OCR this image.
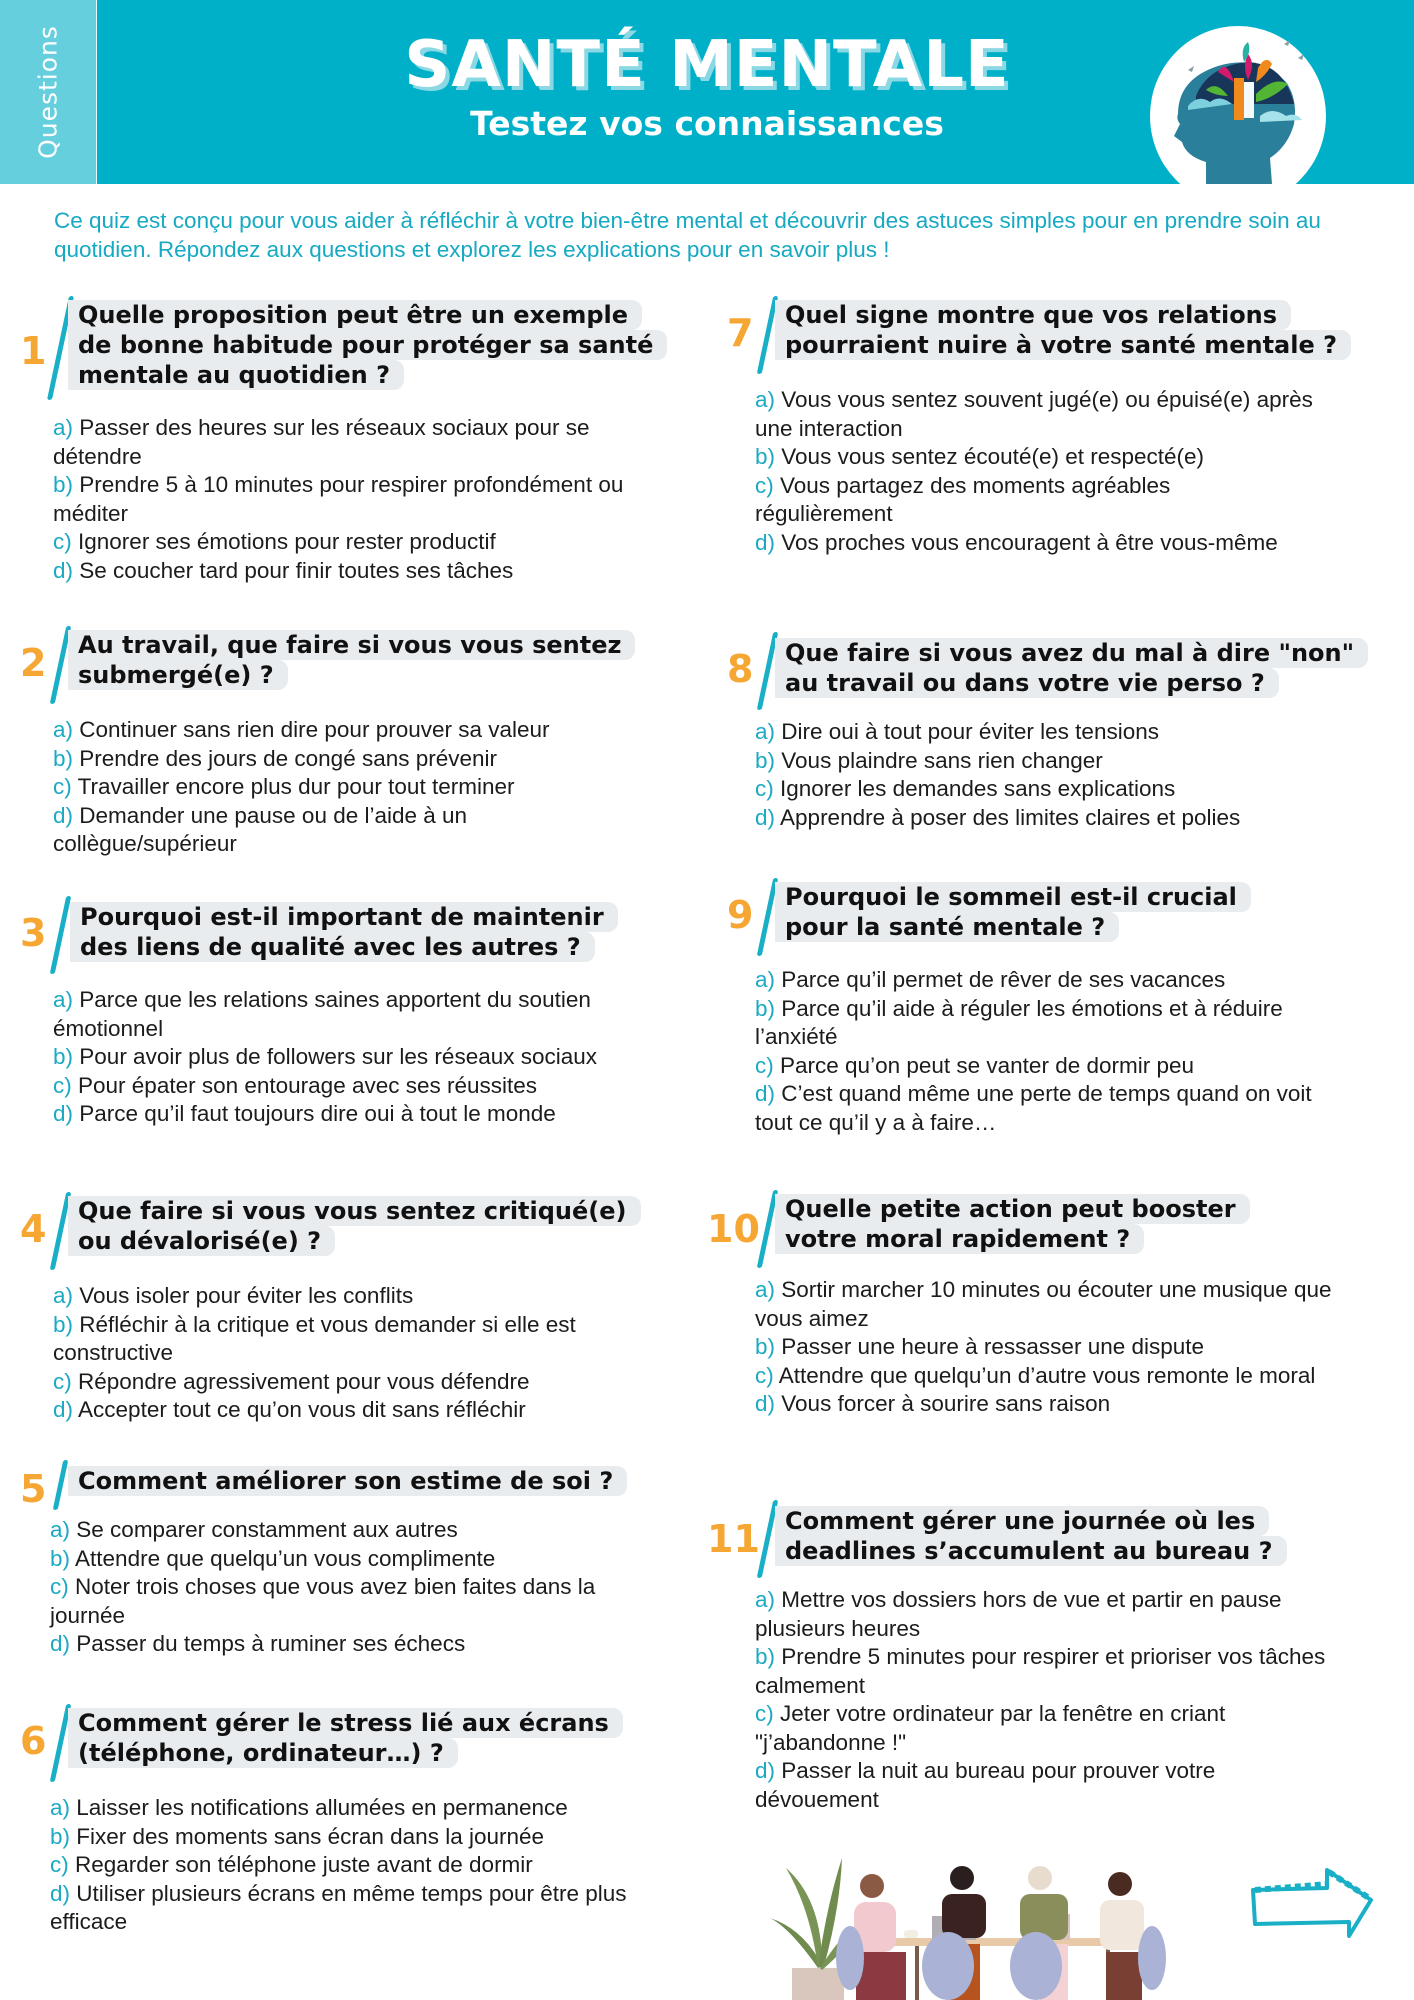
Questions	SANTÉ MENTALE
Testez vos connaissances

Ce quiz est conçu pour vous aider à réfléchir à votre bien-être mental et découvrir des astuces simples pour en prendre soin au quotidien. Répondez aux questions et explorez les explications pour en savoir plus !

1
Quelle proposition peut être un exemple
de bonne habitude pour protéger sa santé
mentale au quotidien ?
a) Passer des heures sur les réseaux sociaux pour se détendre
b) Prendre 5 à 10 minutes pour respirer profondément ou méditer
c) Ignorer ses émotions pour rester productif
d) Se coucher tard pour finir toutes ses tâches
2 Au travail, que faire si vous vous sentez
submergé(e) ?
a) Continuer sans rien dire pour prouver sa valeur
b) Prendre des jours de congé sans prévenir
c) Travailler encore plus dur pour tout terminer
d) Demander une pause ou de l’aide à un collègue/supérieur
3 Pourquoi est-il important de maintenir
des liens de qualité avec les autres ?
a) Parce que les relations saines apportent du soutien émotionnel
b) Pour avoir plus de followers sur les réseaux sociaux
c) Pour épater son entourage avec ses réussites
d) Parce qu’il faut toujours dire oui à tout le monde
4 Que faire si vous vous sentez critiqué(e)
ou dévalorisé(e) ?
a) Vous isoler pour éviter les conflits
b) Réfléchir à la critique et vous demander si elle est constructive
c) Répondre agressivement pour vous défendre
d) Accepter tout ce qu’on vous dit sans réfléchir
5 Comment améliorer son estime de soi ?
a) Se comparer constamment aux autres
b) Attendre que quelqu’un vous complimente
c) Noter trois choses que vous avez bien faites dans la journée
d) Passer du temps à ruminer ses échecs
6 Comment gérer le stress lié aux écrans
(téléphone, ordinateur…) ?
a) Laisser les notifications allumées en permanence
b) Fixer des moments sans écran dans la journée
c) Regarder son téléphone juste avant de dormir
d) Utiliser plusieurs écrans en même temps pour être plus efficace
7 Quel signe montre que vos relations
pourraient nuire à votre santé mentale ?
a) Vous vous sentez souvent jugé(e) ou épuisé(e) après une interaction
b) Vous vous sentez écouté(e) et respecté(e)
c) Vous partagez des moments agréables régulièrement
d) Vos proches vous encouragent à être vous-même
8 Que faire si vous avez du mal à dire "non"
au travail ou dans votre vie perso ?
a) Dire oui à tout pour éviter les tensions
b) Vous plaindre sans rien changer
c) Ignorer les demandes sans explications
d) Apprendre à poser des limites claires et polies
9 Pourquoi le sommeil est-il crucial
pour la santé mentale ?
a) Parce qu’il permet de rêver de ses vacances
b) Parce qu’il aide à réguler les émotions et à réduire l’anxiété
c) Parce qu’on peut se vanter de dormir peu
d) C’est quand même une perte de temps quand on voit tout ce qu’il y a à faire…
10 Quelle petite action peut booster
votre moral rapidement ?
a) Sortir marcher 10 minutes ou écouter une musique que vous aimez
b) Passer une heure à ressasser une dispute
c) Attendre que quelqu’un d’autre vous remonte le moral
d) Vous forcer à sourire sans raison
11 Comment gérer une journée où les
deadlines s’accumulent au bureau ?
a) Mettre vos dossiers hors de vue et partir en pause plusieurs heures
b) Prendre 5 minutes pour respirer et prioriser vos tâches calmement
c) Jeter votre ordinateur par la fenêtre en criant "j’abandonne !"
d) Passer la nuit au bureau pour prouver votre dévouement
